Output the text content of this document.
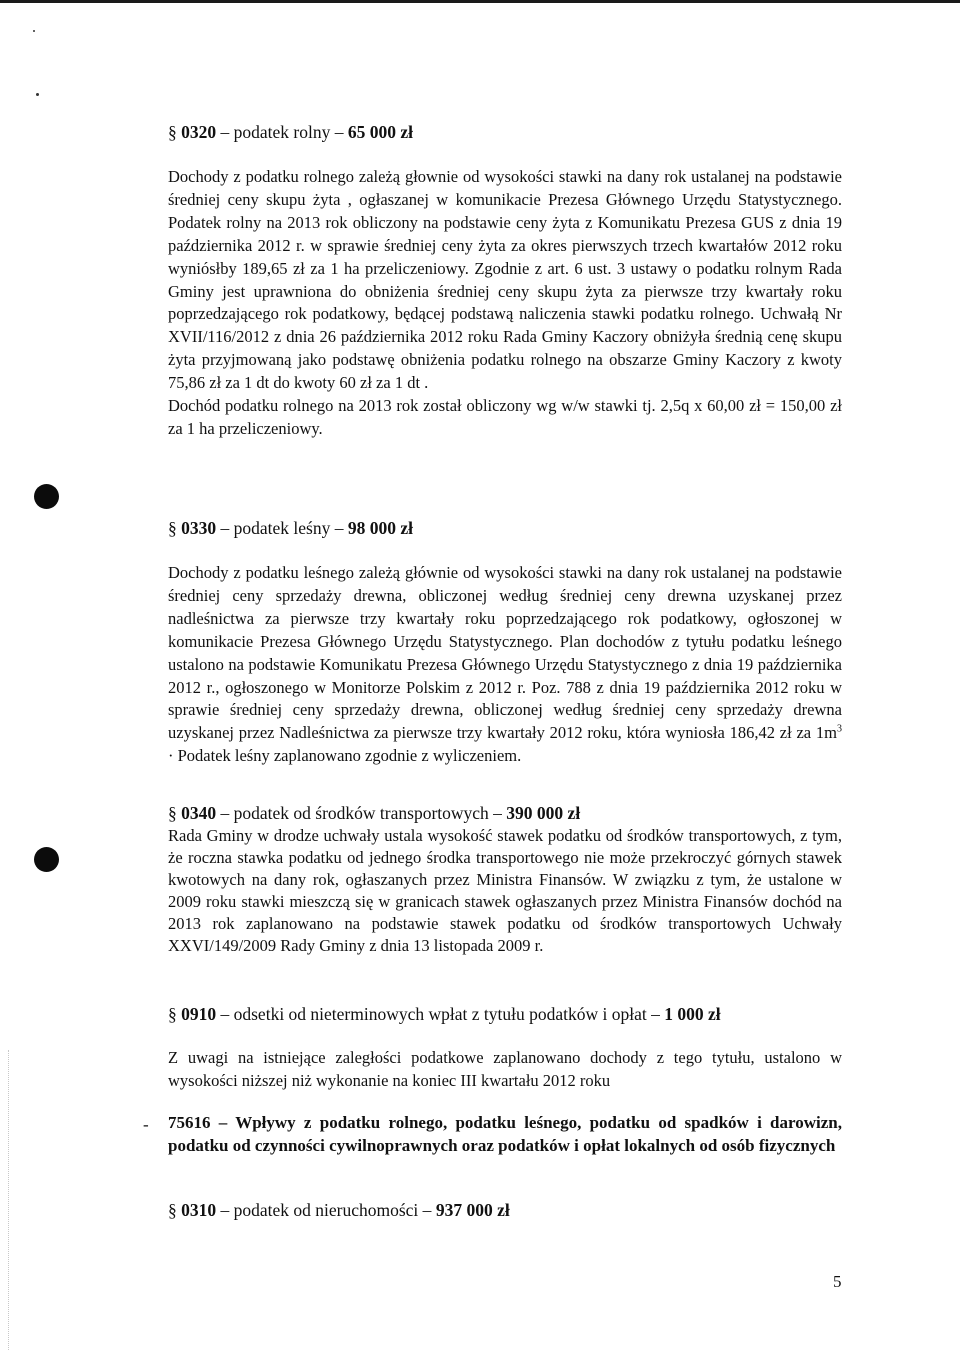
§ 0320 – podatek rolny – 65 000 zł

Dochody z podatku rolnego zależą głownie od wysokości stawki na dany rok ustalanej na podstawie średniej ceny skupu żyta , ogłaszanej w komunikacie Prezesa Głównego Urzędu Statystycznego. Podatek rolny na 2013 rok obliczony na podstawie ceny żyta z Komunikatu Prezesa GUS z dnia 19 października 2012 r. w sprawie średniej ceny żyta za okres pierwszych trzech kwartałów 2012 roku wyniósłby 189,65 zł za 1 ha przeliczeniowy. Zgodnie z art. 6 ust. 3 ustawy o podatku rolnym Rada Gminy jest uprawniona do obniżenia średniej ceny skupu żyta za pierwsze trzy kwartały roku poprzedzającego rok podatkowy, będącej podstawą naliczenia stawki podatku rolnego. Uchwałą Nr XVII/116/2012 z dnia 26 października 2012 roku Rada Gminy Kaczory obniżyła średnią cenę skupu żyta przyjmowaną jako podstawę obniżenia podatku rolnego na obszarze Gminy Kaczory z kwoty 75,86 zł za 1 dt do kwoty 60 zł za 1 dt .

Dochód podatku rolnego na 2013 rok został obliczony wg w/w stawki tj. 2,5q x 60,00 zł = 150,00 zł za 1 ha przeliczeniowy.

§ 0330 – podatek leśny – 98 000 zł

Dochody z podatku leśnego zależą głównie od wysokości stawki na dany rok ustalanej na podstawie średniej ceny sprzedaży drewna, obliczonej według średniej ceny drewna uzyskanej przez nadleśnictwa za pierwsze trzy kwartały roku poprzedzającego rok podatkowy, ogłoszonej w komunikacie Prezesa Głównego Urzędu Statystycznego. Plan dochodów z tytułu podatku leśnego ustalono na podstawie Komunikatu Prezesa Głównego Urzędu Statystycznego z dnia 19 października 2012 r., ogłoszonego w Monitorze Polskim z 2012 r. Poz. 788 z dnia 19 października 2012 roku w sprawie średniej ceny sprzedaży drewna, obliczonej według średniej ceny sprzedaży drewna uzyskanej przez Nadleśnictwa za pierwsze trzy kwartały 2012 roku, która wyniosła 186,42 zł za $1m^3$ · Podatek leśny zaplanowano zgodnie z wyliczeniem.

§ 0340 – podatek od środków transportowych – 390 000 zł

Rada Gminy w drodze uchwały ustala wysokość stawek podatku od środków transportowych, z tym, że roczna stawka podatku od jednego środka transportowego nie może przekroczyć górnych stawek kwotowych na dany rok, ogłaszanych przez Ministra Finansów. W związku z tym, że ustalone w 2009 roku stawki mieszczą się w granicach stawek ogłaszanych przez Ministra Finansów dochód na 2013 rok zaplanowano na podstawie stawek podatku od środków transportowych Uchwały XXVI/149/2009 Rady Gminy z dnia 13 listopada 2009 r.

§ 0910 – odsetki od nieterminowych wpłat z tytułu podatków i opłat – 1 000 zł

Z uwagi na istniejące zaległości podatkowe zaplanowano dochody z tego tytułu, ustalono w wysokości niższej niż wykonanie na koniec III kwartału 2012 roku

- 75616 – Wpływy z podatku rolnego, podatku leśnego, podatku od spadków i darowizn, podatku od czynności cywilnoprawnych oraz podatków i opłat lokalnych od osób fizycznych

§ 0310 – podatek od nieruchomości – 937 000 zł
5
